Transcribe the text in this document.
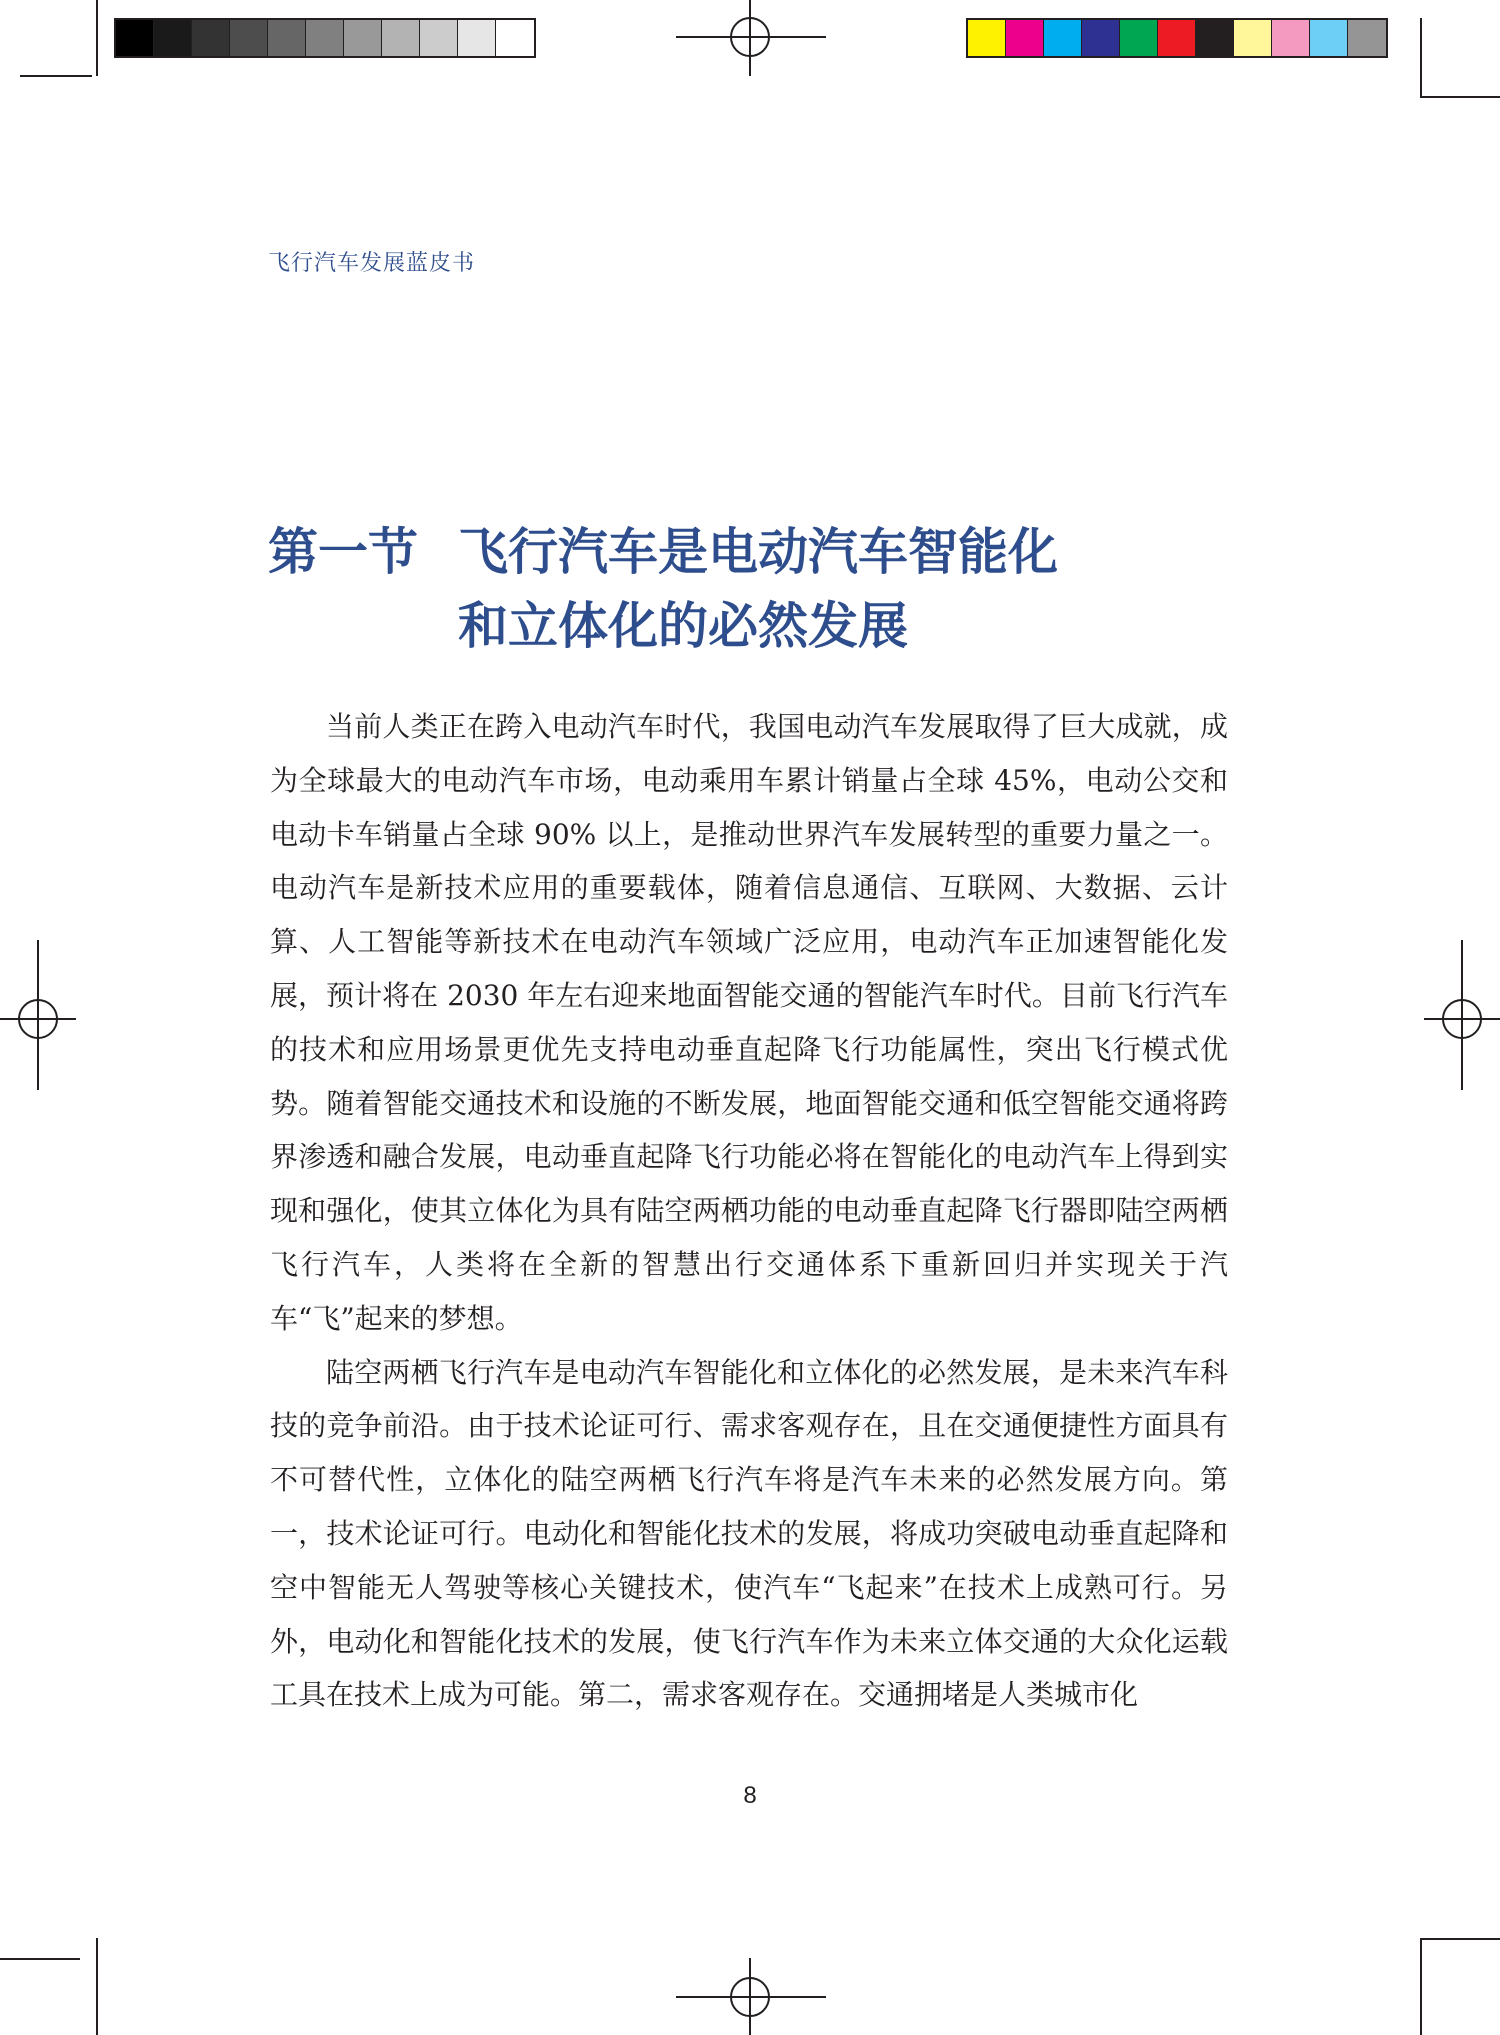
飞行汽车发展蓝皮书
第一节 飞行汽车是电动汽车智能化
和立体化的必然发展

当前人类正在跨入电动汽车时代，我国电动汽车发展取得了巨大成就，成为全球最大的电动汽车市场，电动乘用车累计销量占全球 45%，电动公交和电动卡车销量占全球 90% 以上，是推动世界汽车发展转型的重要力量之一。电动汽车是新技术应用的重要载体，随着信息通信、互联网、大数据、云计算、人工智能等新技术在电动汽车领域广泛应用，电动汽车正加速智能化发展，预计将在 2030 年左右迎来地面智能交通的智能汽车时代。目前飞行汽车的技术和应用场景更优先支持电动垂直起降飞行功能属性，突出飞行模式优势。随着智能交通技术和设施的不断发展，地面智能交通和低空智能交通将跨界渗透和融合发展，电动垂直起降飞行功能必将在智能化的电动汽车上得到实现和强化，使其立体化为具有陆空两栖功能的电动垂直起降飞行器即陆空两栖飞行汽车，人类将在全新的智慧出行交通体系下重新回归并实现关于汽车“飞”起来的梦想。

陆空两栖飞行汽车是电动汽车智能化和立体化的必然发展，是未来汽车科技的竞争前沿。由于技术论证可行、需求客观存在，且在交通便捷性方面具有不可替代性，立体化的陆空两栖飞行汽车将是汽车未来的必然发展方向。第一，技术论证可行。电动化和智能化技术的发展，将成功突破电动垂直起降和空中智能无人驾驶等核心关键技术，使汽车“飞起来”在技术上成熟可行。另外，电动化和智能化技术的发展，使飞行汽车作为未来立体交通的大众化运载工具在技术上成为可能。第二，需求客观存在。交通拥堵是人类城市化

8
